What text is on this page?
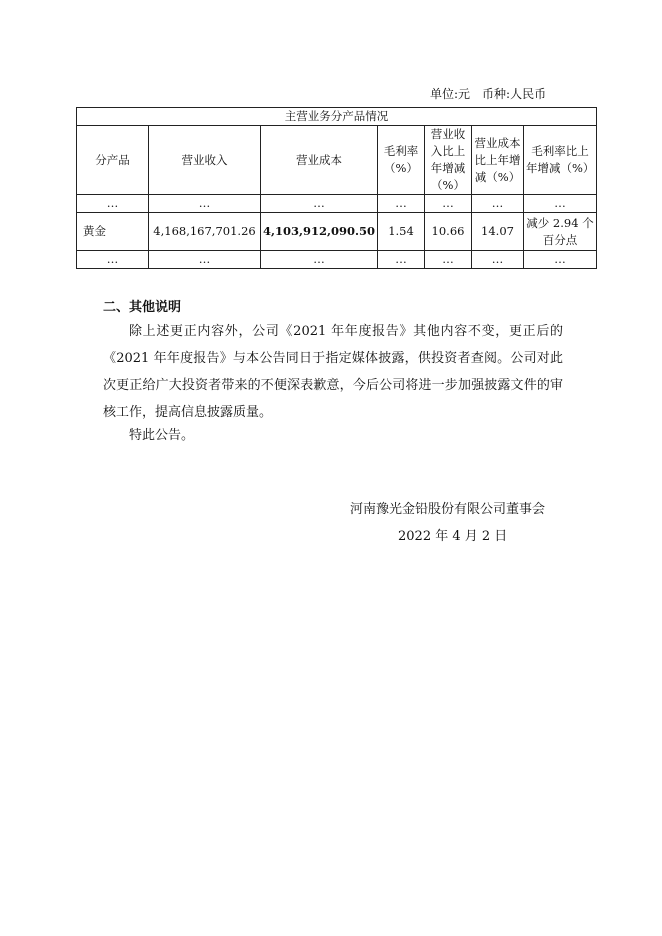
单位:元　币种:人民币
主营业务分产品情况						
分产品	营业收入	营业成本	毛利率（%）	营业收入比上年增减（%）	营业成本比上年增减（%）	毛利率比上年增减（%）
…	…	…	…	…	…	…
黄金	4,168,167,701.26	4,103,912,090.50	1.54	10.66	14.07	减少 2.94 个百分点
…	…	…	…	…	…	…
二、其他说明
除上述更正内容外，公司《2021 年年度报告》其他内容不变，更正后的《2021 年年度报告》与本公告同日于指定媒体披露，供投资者查阅。公司对此次更正给广大投资者带来的不便深表歉意，今后公司将进一步加强披露文件的审核工作，提高信息披露质量。
特此公告。
河南豫光金铅股份有限公司董事会
2022 年 4 月 2 日
